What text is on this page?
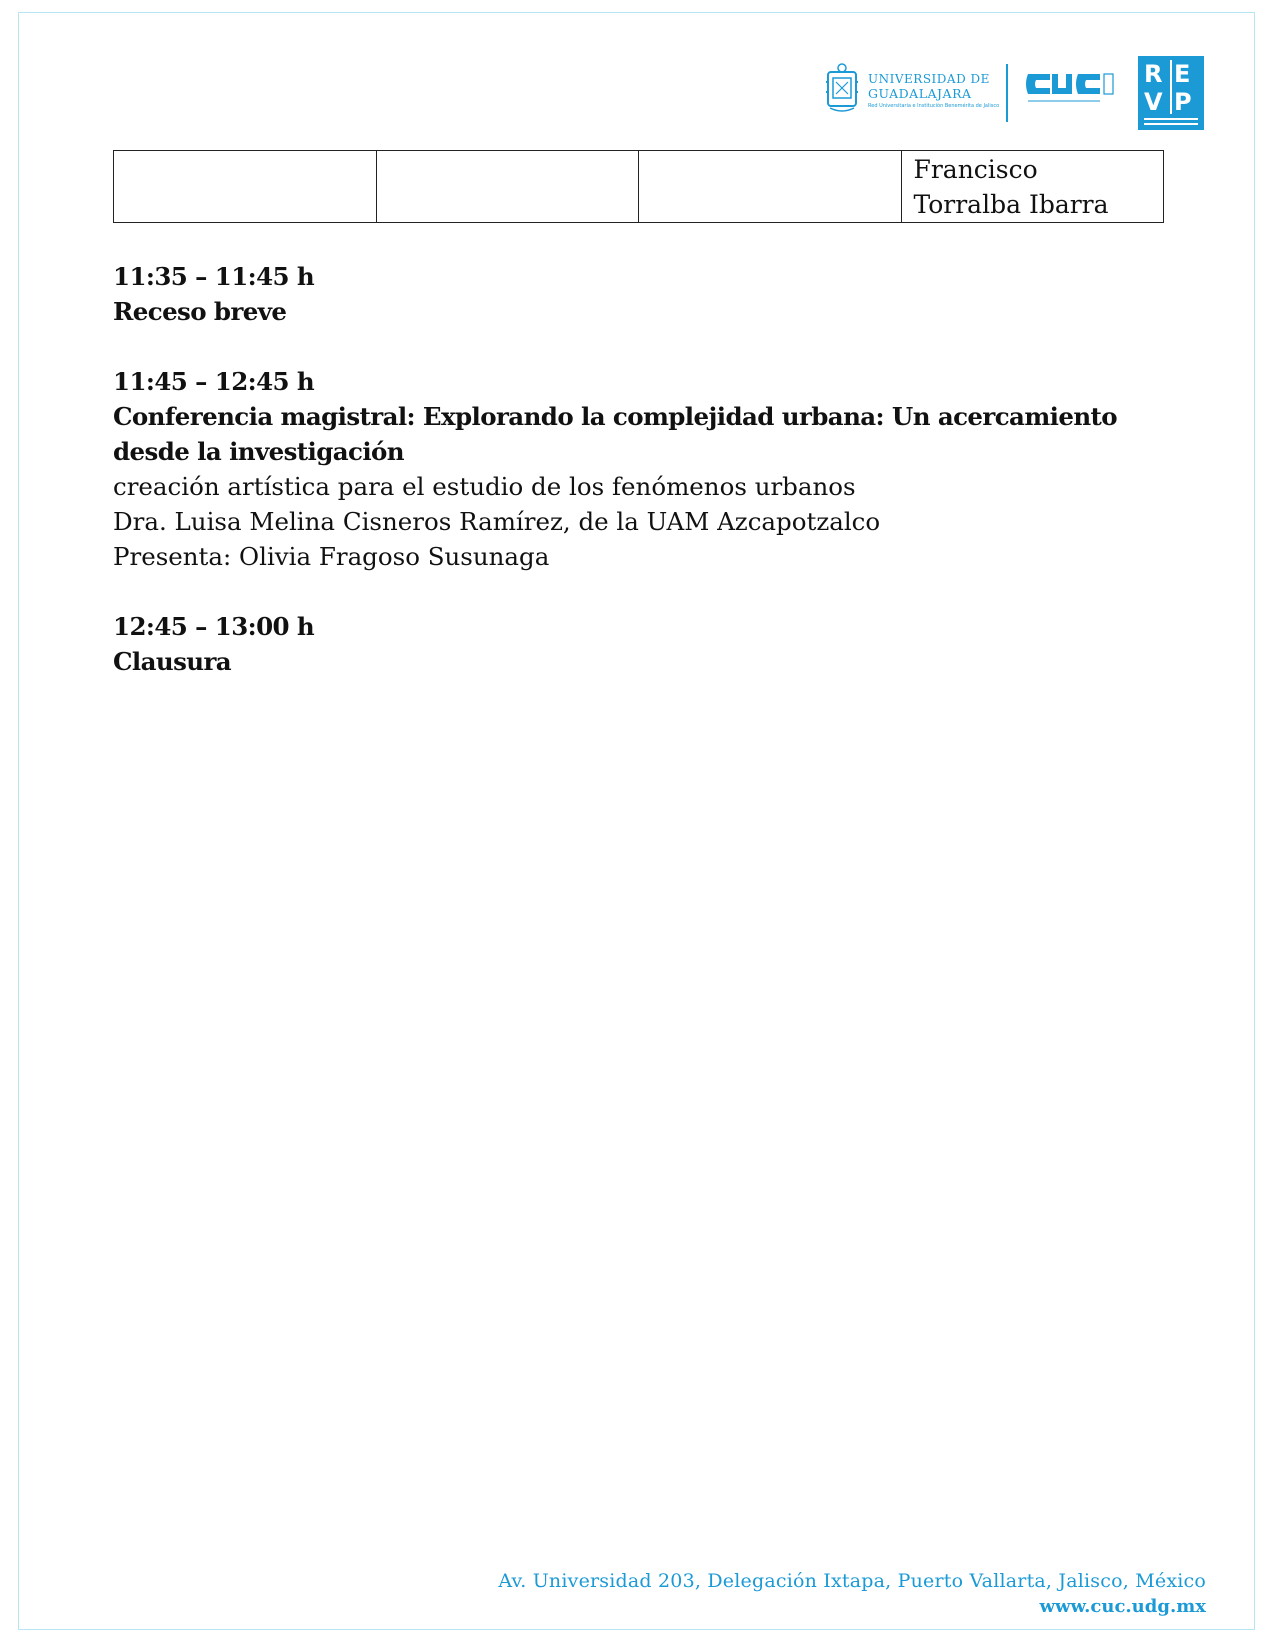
UNIVERSIDAD DE
GUADALAJARA
Red Universitaria e Institución Benemérita de Jalisco
R E
V P
			Francisco Torralba Ibarra
11:35 – 11:45 h
Receso breve
11:45 – 12:45 h
Conferencia magistral: Explorando la complejidad urbana: Un acercamiento desde la investigación
creación artística para el estudio de los fenómenos urbanos
Dra. Luisa Melina Cisneros Ramírez, de la UAM Azcapotzalco
Presenta: Olivia Fragoso Susunaga
12:45 – 13:00 h
Clausura
Av. Universidad 203, Delegación Ixtapa, Puerto Vallarta, Jalisco, México
www.cuc.udg.mx
